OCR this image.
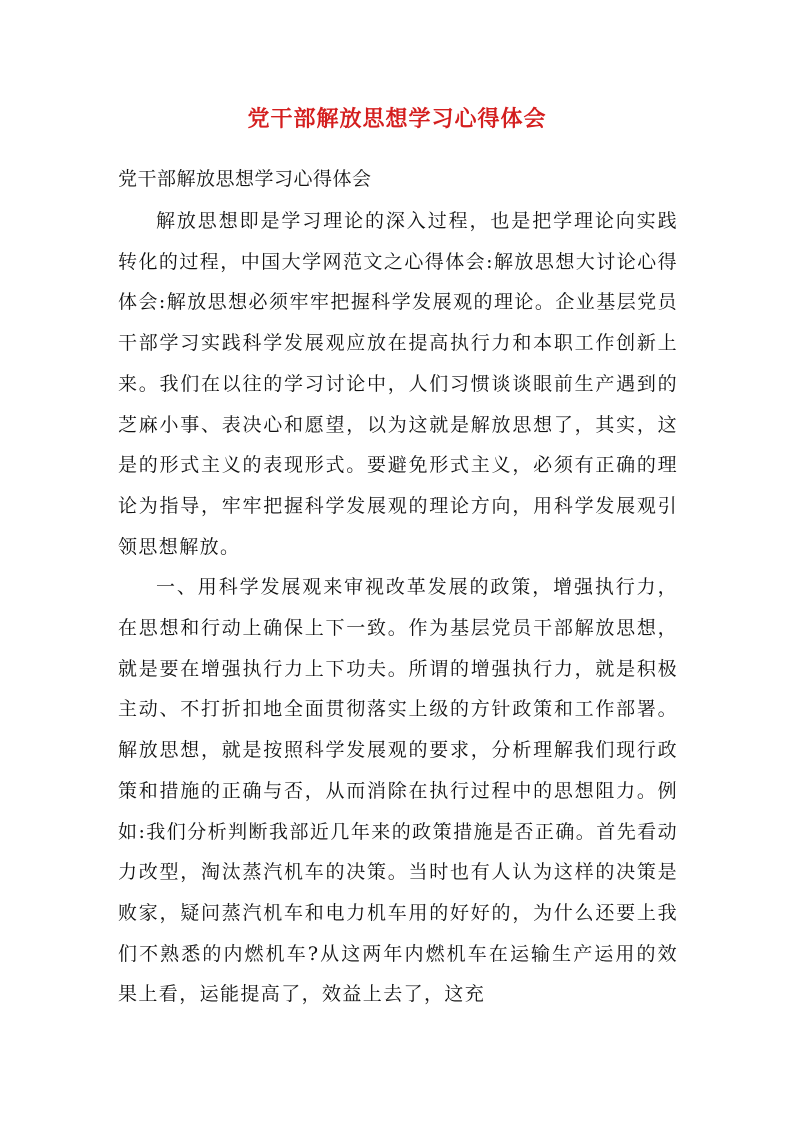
党干部解放思想学习心得体会
党干部解放思想学习心得体会

解放思想即是学习理论的深入过程，也是把学理论向实践转化的过程，中国大学网范文之心得体会:解放思想大讨论心得体会:解放思想必须牢牢把握科学发展观的理论。企业基层党员干部学习实践科学发展观应放在提高执行力和本职工作创新上来。我们在以往的学习讨论中，人们习惯谈谈眼前生产遇到的芝麻小事、表决心和愿望，以为这就是解放思想了，其实，这是的形式主义的表现形式。要避免形式主义，必须有正确的理论为指导，牢牢把握科学发展观的理论方向，用科学发展观引领思想解放。

一、用科学发展观来审视改革发展的政策，增强执行力，在思想和行动上确保上下一致。作为基层党员干部解放思想，就是要在增强执行力上下功夫。所谓的增强执行力，就是积极主动、不打折扣地全面贯彻落实上级的方针政策和工作部署。解放思想，就是按照科学发展观的要求，分析理解我们现行政策和措施的正确与否，从而消除在执行过程中的思想阻力。例如:我们分析判断我部近几年来的政策措施是否正确。首先看动力改型，淘汰蒸汽机车的决策。当时也有人认为这样的决策是败家，疑问蒸汽机车和电力机车用的好好的，为什么还要上我们不熟悉的内燃机车?从这两年内燃机车在运输生产运用的效果上看，运能提高了，效益上去了，这充
